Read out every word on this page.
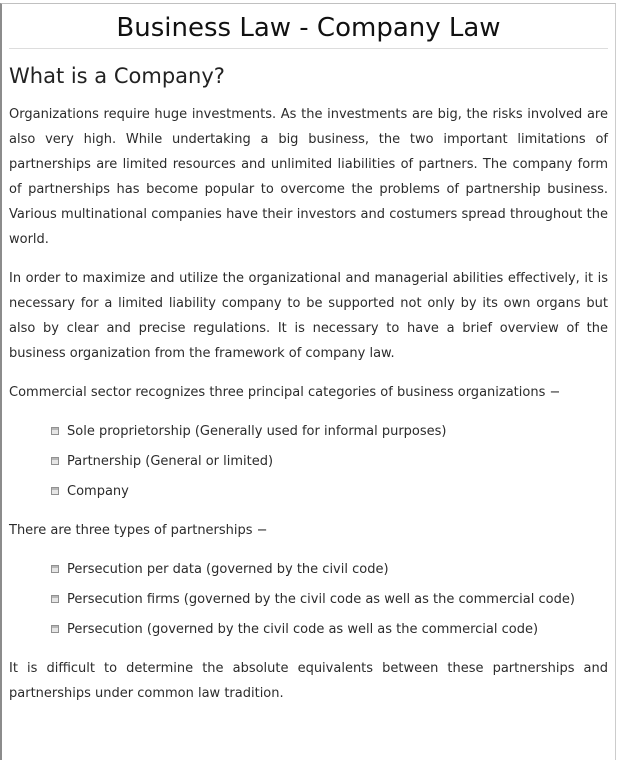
Business Law - Company Law
What is a Company?

Organizations require huge investments. As the investments are big, the risks involved are also very high. While undertaking a big business, the two important limitations of partnerships are limited resources and unlimited liabilities of partners. The company form of partnerships has become popular to overcome the problems of partnership business. Various multinational companies have their investors and costumers spread throughout the world.

In order to maximize and utilize the organizational and managerial abilities effectively, it is necessary for a limited liability company to be supported not only by its own organs but also by clear and precise regulations. It is necessary to have a brief overview of the business organization from the framework of company law.

Commercial sector recognizes three principal categories of business organizations −

Sole proprietorship (Generally used for informal purposes)
Partnership (General or limited)
Company

There are three types of partnerships −

Persecution per data (governed by the civil code)
Persecution firms (governed by the civil code as well as the commercial code)
Persecution (governed by the civil code as well as the commercial code)

It is difficult to determine the absolute equivalents between these partnerships and partnerships under common law tradition.
